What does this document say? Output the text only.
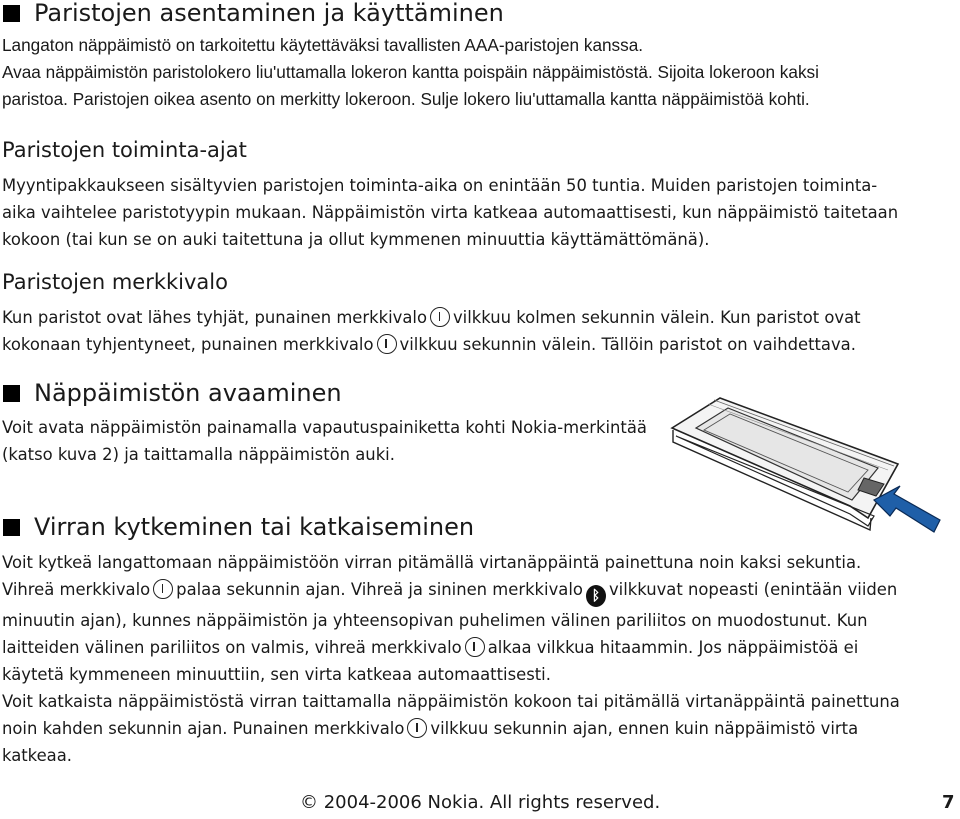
Paristojen asentaminen ja käyttäminen
Langaton näppäimistö on tarkoitettu käytettäväksi tavallisten AAA-paristojen kanssa.
Avaa näppäimistön paristolokero liu'uttamalla lokeron kantta poispäin näppäimistöstä. Sijoita lokeroon kaksi
paristoa. Paristojen oikea asento on merkitty lokeroon. Sulje lokero liu'uttamalla kantta näppäimistöä kohti.
Paristojen toiminta-ajat
Myyntipakkaukseen sisältyvien paristojen toiminta-aika on enintään 50 tuntia. Muiden paristojen toiminta-
aika vaihtelee paristotyypin mukaan. Näppäimistön virta katkeaa automaattisesti, kun näppäimistö taitetaan
kokoon (tai kun se on auki taitettuna ja ollut kymmenen minuuttia käyttämättömänä).
Paristojen merkkivalo
Kun paristot ovat lähes tyhjät, punainen merkkivalo vilkkuu kolmen sekunnin välein. Kun paristot ovat
kokonaan tyhjentyneet, punainen merkkivalo vilkkuu sekunnin välein. Tällöin paristot on vaihdettava.
Näppäimistön avaaminen
Voit avata näppäimistön painamalla vapautuspainiketta kohti Nokia-merkintää
(katso kuva 2) ja taittamalla näppäimistön auki.
Virran kytkeminen tai katkaiseminen
Voit kytkeä langattomaan näppäimistöön virran pitämällä virtanäppäintä painettuna noin kaksi sekuntia.
Vihreä merkkivalo palaa sekunnin ajan. Vihreä ja sininen merkkivalo ᛒ vilkkuvat nopeasti (enintään viiden
minuutin ajan), kunnes näppäimistön ja yhteensopivan puhelimen välinen pariliitos on muodostunut. Kun
laitteiden välinen pariliitos on valmis, vihreä merkkivalo alkaa vilkkua hitaammin. Jos näppäimistöä ei
käytetä kymmeneen minuuttiin, sen virta katkeaa automaattisesti.
Voit katkaista näppäimistöstä virran taittamalla näppäimistön kokoon tai pitämällä virtanäppäintä painettuna
noin kahden sekunnin ajan. Punainen merkkivalo vilkkuu sekunnin ajan, ennen kuin näppäimistö virta
katkeaa.
© 2004-2006 Nokia. All rights reserved.	7
